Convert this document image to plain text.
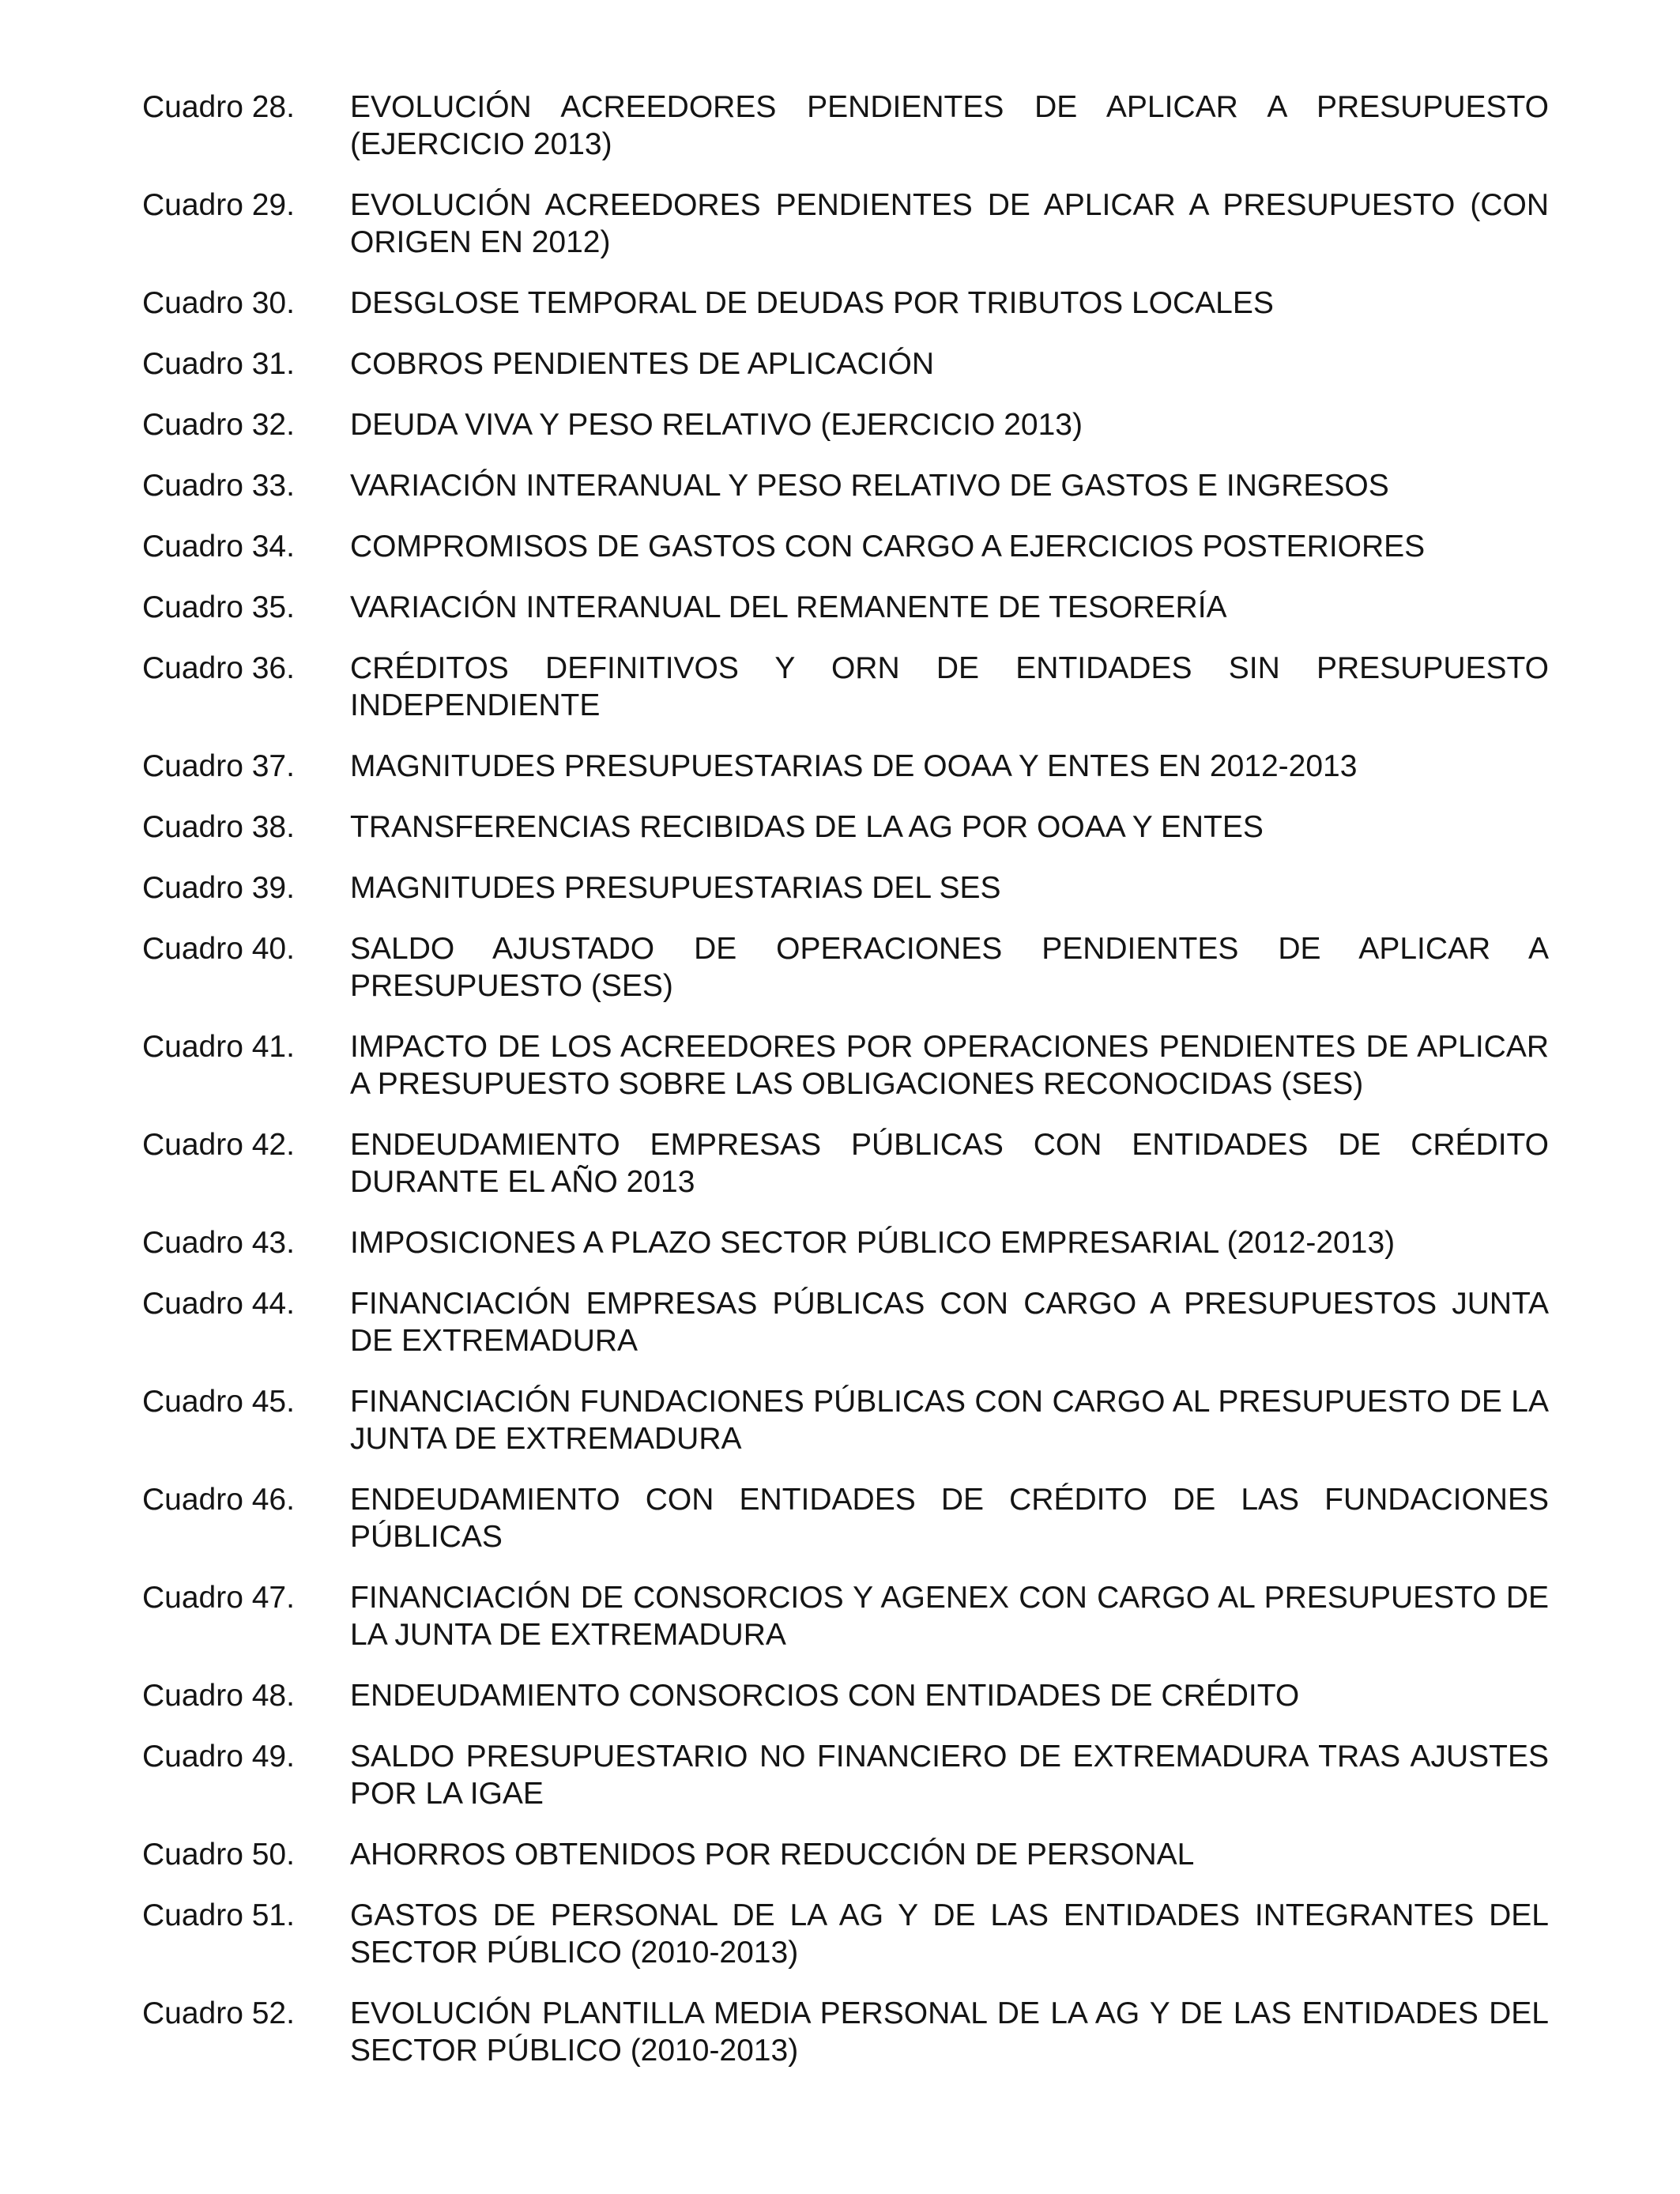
Cuadro 28.	EVOLUCIÓN ACREEDORES PENDIENTES DE APLICAR A PRESUPUESTO (EJERCICIO 2013)
Cuadro 29.	EVOLUCIÓN ACREEDORES PENDIENTES DE APLICAR A PRESUPUESTO (CON ORIGEN EN 2012)
Cuadro 30.	DESGLOSE TEMPORAL DE DEUDAS POR TRIBUTOS LOCALES
Cuadro 31.	COBROS PENDIENTES DE APLICACIÓN
Cuadro 32.	DEUDA VIVA Y PESO RELATIVO (EJERCICIO 2013)
Cuadro 33.	VARIACIÓN INTERANUAL Y PESO RELATIVO DE GASTOS E INGRESOS
Cuadro 34.	COMPROMISOS DE GASTOS CON CARGO A EJERCICIOS POSTERIORES
Cuadro 35.	VARIACIÓN INTERANUAL DEL REMANENTE DE TESORERÍA
Cuadro 36.	CRÉDITOS DEFINITIVOS Y ORN DE ENTIDADES SIN PRESUPUESTO INDEPENDIENTE
Cuadro 37.	MAGNITUDES PRESUPUESTARIAS DE OOAA Y ENTES EN 2012-2013
Cuadro 38.	TRANSFERENCIAS RECIBIDAS DE LA AG POR OOAA Y ENTES
Cuadro 39.	MAGNITUDES PRESUPUESTARIAS DEL SES
Cuadro 40.	SALDO AJUSTADO DE OPERACIONES PENDIENTES DE APLICAR A PRESUPUESTO (SES)
Cuadro 41.	IMPACTO DE LOS ACREEDORES POR OPERACIONES PENDIENTES DE APLICAR A PRESUPUESTO SOBRE LAS OBLIGACIONES RECONOCIDAS (SES)
Cuadro 42.	ENDEUDAMIENTO EMPRESAS PÚBLICAS CON ENTIDADES DE CRÉDITO DURANTE EL AÑO 2013
Cuadro 43.	IMPOSICIONES A PLAZO SECTOR PÚBLICO EMPRESARIAL (2012-2013)
Cuadro 44.	FINANCIACIÓN EMPRESAS PÚBLICAS CON CARGO A PRESUPUESTOS JUNTA DE EXTREMADURA
Cuadro 45.	FINANCIACIÓN FUNDACIONES PÚBLICAS CON CARGO AL PRESUPUESTO DE LA JUNTA DE EXTREMADURA
Cuadro 46.	ENDEUDAMIENTO CON ENTIDADES DE CRÉDITO DE LAS FUNDACIONES PÚBLICAS
Cuadro 47.	FINANCIACIÓN DE CONSORCIOS Y AGENEX CON CARGO AL PRESUPUESTO DE LA JUNTA DE EXTREMADURA
Cuadro 48.	ENDEUDAMIENTO CONSORCIOS CON ENTIDADES DE CRÉDITO
Cuadro 49.	SALDO PRESUPUESTARIO NO FINANCIERO DE EXTREMADURA TRAS AJUSTES POR LA IGAE
Cuadro 50.	AHORROS OBTENIDOS POR REDUCCIÓN DE PERSONAL
Cuadro 51.	GASTOS DE PERSONAL DE LA AG Y DE LAS ENTIDADES INTEGRANTES DEL SECTOR PÚBLICO (2010-2013)
Cuadro 52.	EVOLUCIÓN PLANTILLA MEDIA PERSONAL DE LA AG Y DE LAS ENTIDADES DEL SECTOR PÚBLICO (2010-2013)
